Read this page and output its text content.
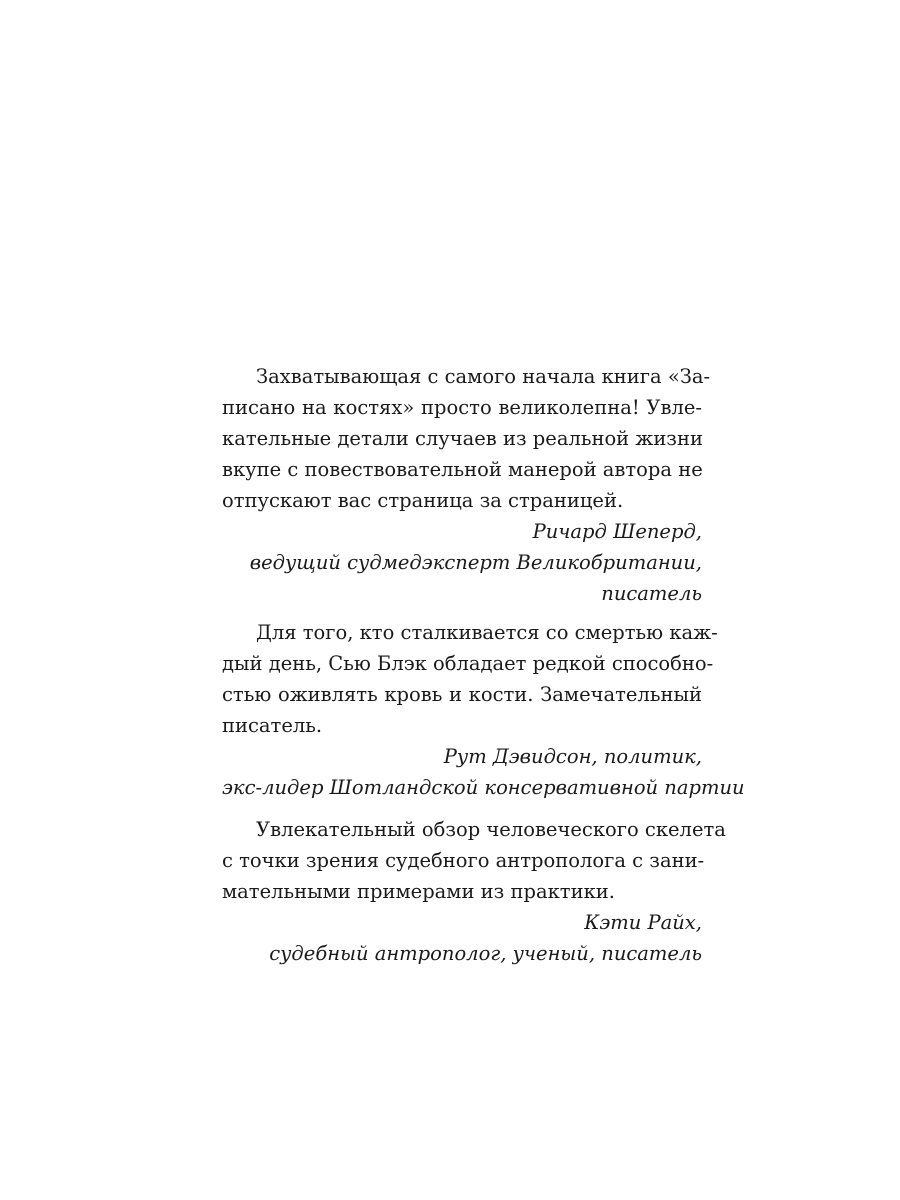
Захватывающая с самого начала книга «За-
писано на костях» просто великолепна! Увле-
кательные детали случаев из реальной жизни
вкупе с повествовательной манерой автора не
отпускают вас страница за страницей.
Ричард Шеперд,
ведущий судмедэксперт Великобритании,
писатель
Для того, кто сталкивается со смертью каж-
дый день, Сью Блэк обладает редкой способно-
стью оживлять кровь и кости. Замечательный
писатель.
Рут Дэвидсон, политик,
экс-лидер Шотландской консервативной партии
Увлекательный обзор человеческого скелета
с точки зрения судебного антрополога с зани-
мательными примерами из практики.
Кэти Райх,
судебный антрополог, ученый, писатель
